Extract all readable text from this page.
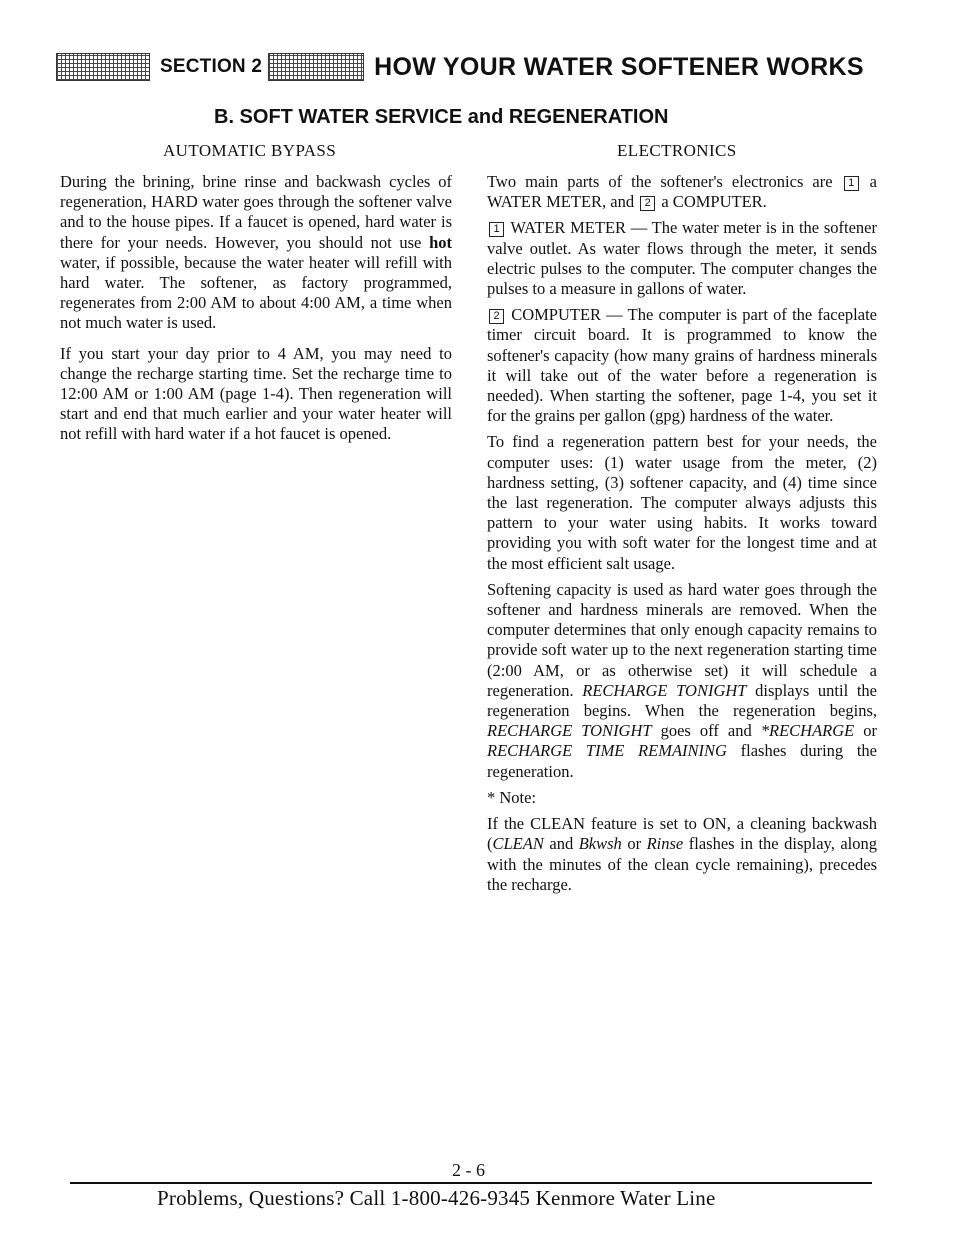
SECTION 2	HOW YOUR WATER SOFTENER WORKS
B. SOFT WATER SERVICE and REGENERATION
AUTOMATIC BYPASS

During the brining, brine rinse and backwash cycles of regeneration, HARD water goes through the softener valve and to the house pipes. If a faucet is opened, hard water is there for your needs. However, you should not use hot water, if possible, because the water heater will refill with hard water. The softener, as factory programmed, regenerates from 2:00 AM to about 4:00 AM, a time when not much water is used.

If you start your day prior to 4 AM, you may need to change the recharge starting time. Set the recharge time to 12:00 AM or 1:00 AM (page 1-4). Then regeneration will start and end that much earlier and your water heater will not refill with hard water if a hot faucet is opened.

ELECTRONICS

Two main parts of the softener's electronics are 1 a WATER METER, and 2 a COMPUTER.

1 WATER METER — The water meter is in the softener valve outlet. As water flows through the meter, it sends electric pulses to the computer. The computer changes the pulses to a measure in gallons of water.

2 COMPUTER — The computer is part of the faceplate timer circuit board. It is programmed to know the softener's capacity (how many grains of hardness minerals it will take out of the water before a regeneration is needed). When starting the softener, page 1-4, you set it for the grains per gallon (gpg) hardness of the water.

To find a regeneration pattern best for your needs, the computer uses: (1) water usage from the meter, (2) hardness setting, (3) softener capacity, and (4) time since the last regeneration. The computer always adjusts this pattern to your water using habits. It works toward providing you with soft water for the longest time and at the most efficient salt usage.

Softening capacity is used as hard water goes through the softener and hardness minerals are removed. When the computer determines that only enough capacity remains to provide soft water up to the next regeneration starting time (2:00 AM, or as otherwise set) it will schedule a regeneration. RECHARGE TONIGHT displays until the regeneration begins. When the regeneration begins, RECHARGE TONIGHT goes off and *RECHARGE or RECHARGE TIME REMAINING flashes during the regeneration.

* Note:

If the CLEAN feature is set to ON, a cleaning backwash (CLEAN and Bkwsh or Rinse flashes in the display, along with the minutes of the clean cycle remaining), precedes the recharge.

2 - 6
Problems, Questions? Call 1-800-426-9345 Kenmore Water Line
